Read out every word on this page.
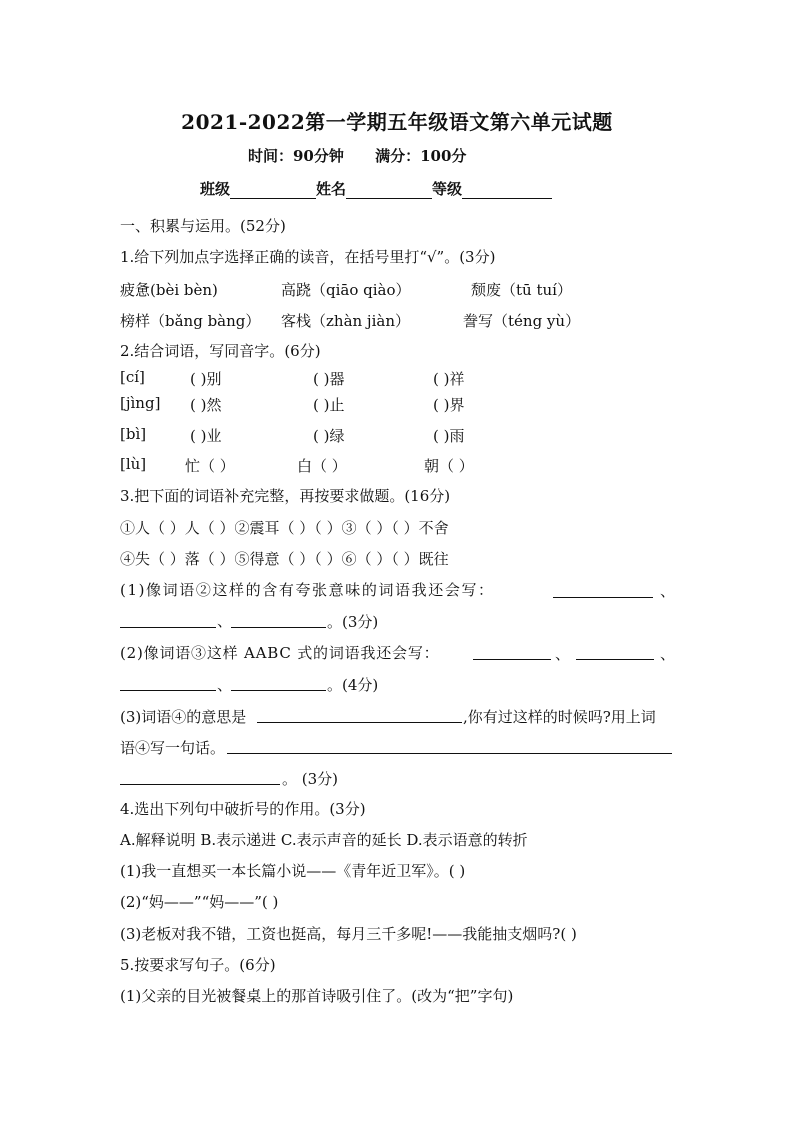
2021-2022第一学期五年级语文第六单元试题
时间：90分钟 满分：100分
班级	姓名	等级
一、积累与运用。(52分)
1.给下列加点字选择正确的读音，在括号里打“√”。(3分)
疲惫(bèi bèn)	高跷（qiāo qiào）	颓废（tū tuí）
榜样（bǎng bàng） 客栈（zhàn jiàn）	誊写（téng yù）
2.结合词语，写同音字。(6分)
[cí]	( )别	( )器	( )祥
[jìng] ( )然	( )止	( )界
[bì]	( )业	( )绿	( )雨
[lù]	忙（ ）	白（ ）	朝（ ）
3.把下面的词语补充完整，再按要求做题。(16分)
①人（ ）人（ ）②震耳（ ）（ ）③（ ）（ ）不舍
④失（ ）落（ ）⑤得意（ ）（ ）⑥（ ）（ ）既往
(1)像词语②这样的含有夸张意味的词语我还会写：	、
、	。(3分)
(2)像词语③这样 AABC 式的词语我还会写：	、	、
、	。(4分)
(3)词语④的意思是	,你有过这样的时候吗?用上词
语④写一句话。
。 (3分)
4.选出下列句中破折号的作用。(3分)
A.解释说明 B.表示递进 C.表示声音的延长 D.表示语意的转折
(1)我一直想买一本长篇小说——《青年近卫军》。( )
(2)“妈——”“妈——”( )
(3)老板对我不错，工资也挺高，每月三千多呢!——我能抽支烟吗?( )
5.按要求写句子。(6分)
(1)父亲的目光被餐桌上的那首诗吸引住了。(改为“把”字句)
